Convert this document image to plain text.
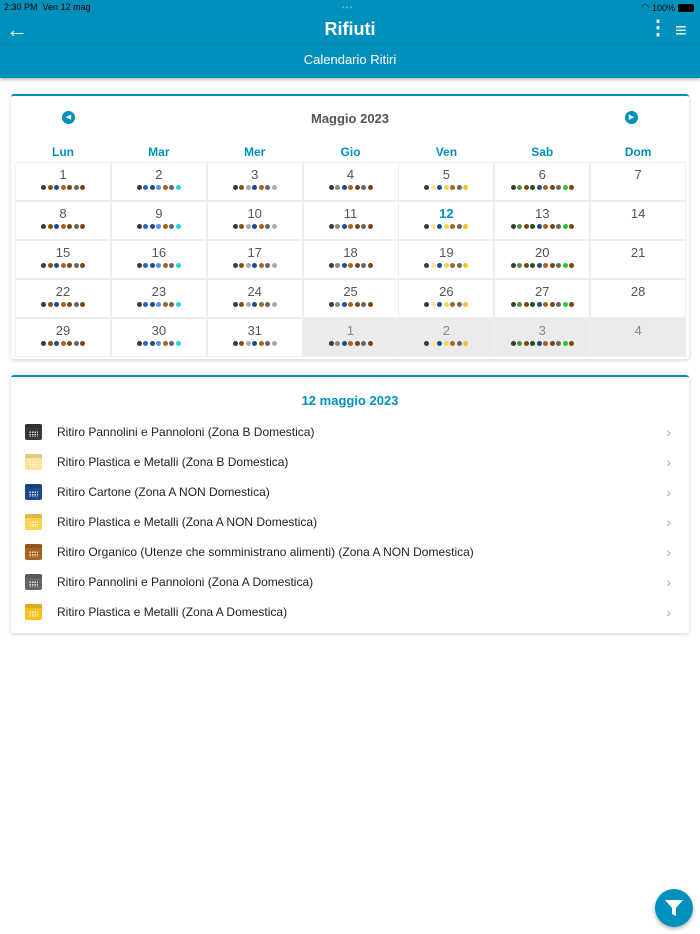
2:30 PM Ven 12 mag	•••	◠ 100%
←	Rifiuti	⋮ ≡
Calendario Ritiri
◀	Maggio 2023	▶
Lun	Mar	Mer	Gio	Ven	Sab	Dom
1	2	3	4	5	6	7
8	9	10	11	12	13	14
15	16	17	18	19	20	21
22	23	24	25	26	27	28
29	30	31	1	2	3	4
12 maggio 2023
Ritiro Pannolini e Pannoloni (Zona B Domestica)	›
Ritiro Plastica e Metalli (Zona B Domestica)	›
Ritiro Cartone (Zona A NON Domestica)	›
Ritiro Plastica e Metalli (Zona A NON Domestica)	›
Ritiro Organico (Utenze che somministrano alimenti) (Zona A NON Domestica)	›
Ritiro Pannolini e Pannoloni (Zona A Domestica)	›
Ritiro Plastica e Metalli (Zona A Domestica)	›
